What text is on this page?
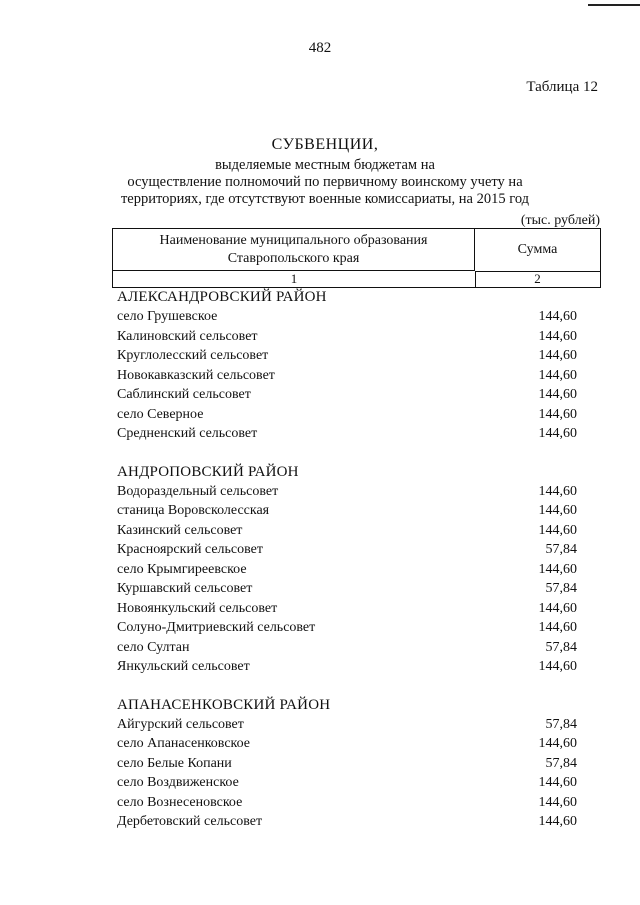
482
Таблица 12
СУБВЕНЦИИ,
выделяемые местным бюджетам на
осуществление полномочий по первичному воинскому учету на
территориях, где отсутствуют военные комиссариаты, на 2015 год
(тыс. рублей)
Наименование муниципального образования
Ставропольского края
Сумма
1	2
АЛЕКСАНДРОВСКИЙ РАЙОН
село Грушевское	144,60
Калиновский сельсовет	144,60
Круглолесский сельсовет	144,60
Новокавказский сельсовет	144,60
Саблинский сельсовет	144,60
село Северное	144,60
Средненский сельсовет	144,60
АНДРОПОВСКИЙ РАЙОН
Водораздельный сельсовет	144,60
станица Воровсколесская	144,60
Казинский сельсовет	144,60
Красноярский сельсовет	57,84
село Крымгиреевское	144,60
Куршавский сельсовет	57,84
Новоянкульский сельсовет	144,60
Солуно-Дмитриевский сельсовет	144,60
село Султан	57,84
Янкульский сельсовет	144,60
АПАНАСЕНКОВСКИЙ РАЙОН
Айгурский сельсовет	57,84
село Апанасенковское	144,60
село Белые Копани	57,84
село Воздвиженское	144,60
село Вознесеновское	144,60
Дербетовский сельсовет	144,60
